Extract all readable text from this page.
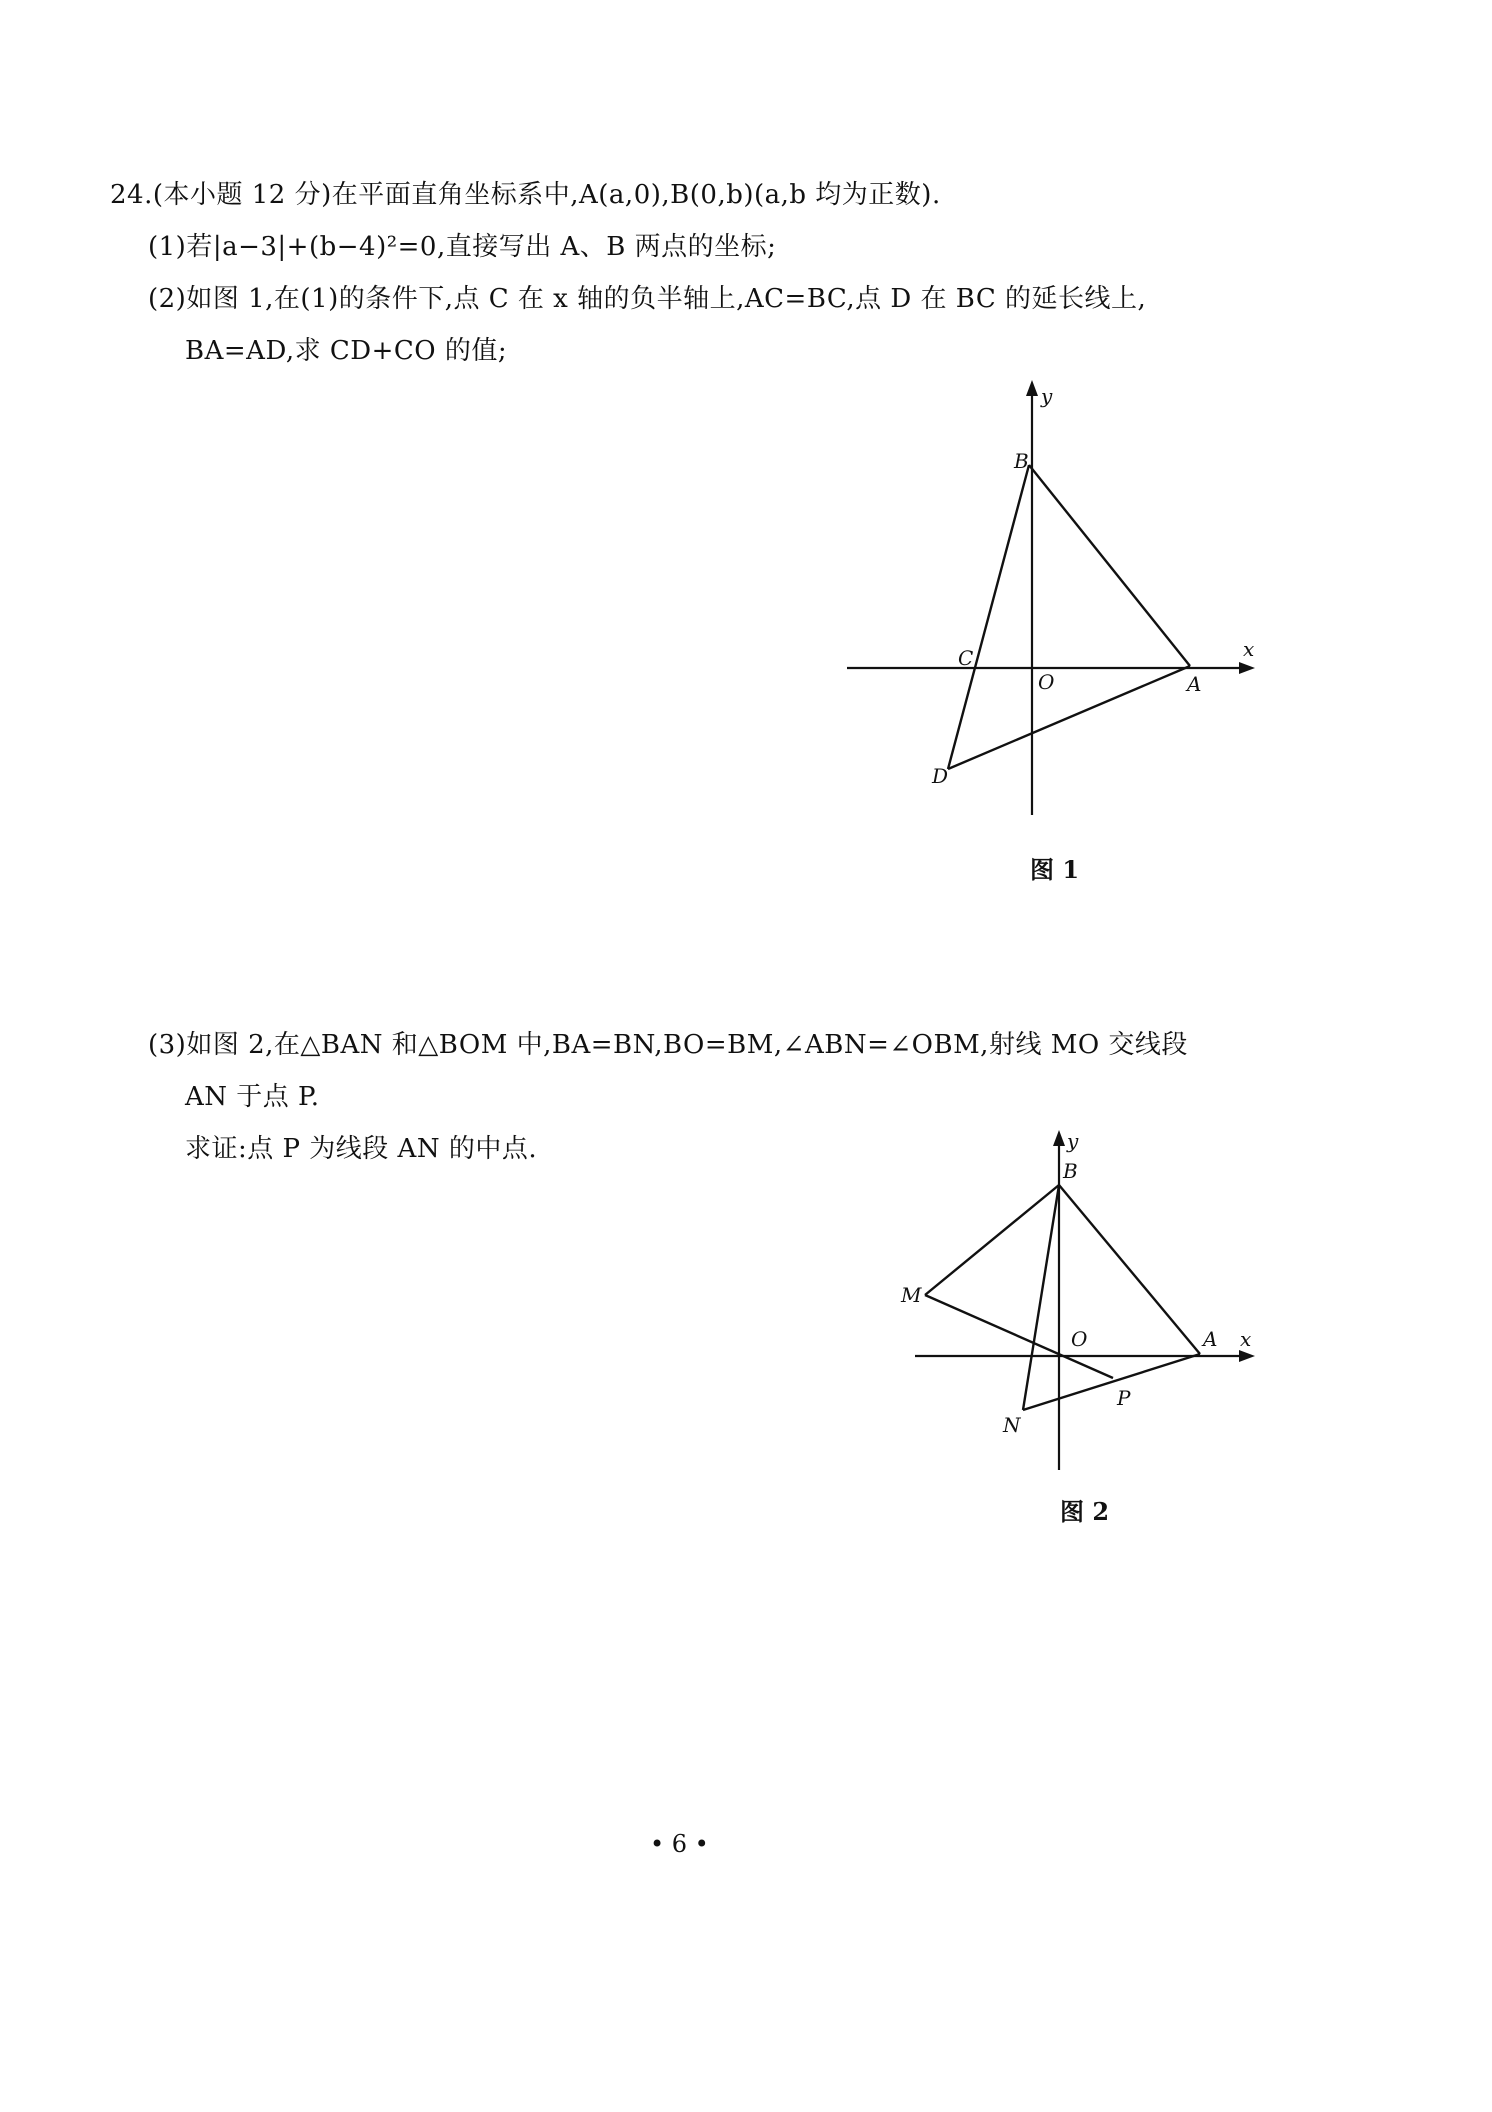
24.(本小题 12 分)在平面直角坐标系中,A(a,0),B(0,b)(a,b 均为正数).
(1)若|a−3|+(b−4)²=0,直接写出 A、B 两点的坐标;
(2)如图 1,在(1)的条件下,点 C 在 x 轴的负半轴上,AC=BC,点 D 在 BC 的延长线上,
BA=AD,求 CD+CO 的值;
y
x
B
C
O	A
D
图 1
(3)如图 2,在△BAN 和△BOM 中,BA=BN,BO=BM,∠ABN=∠OBM,射线 MO 交线段
AN 于点 P.
求证:点 P 为线段 AN 的中点.	y
B
M
O	A x
P
N
图 2
• 6 •
